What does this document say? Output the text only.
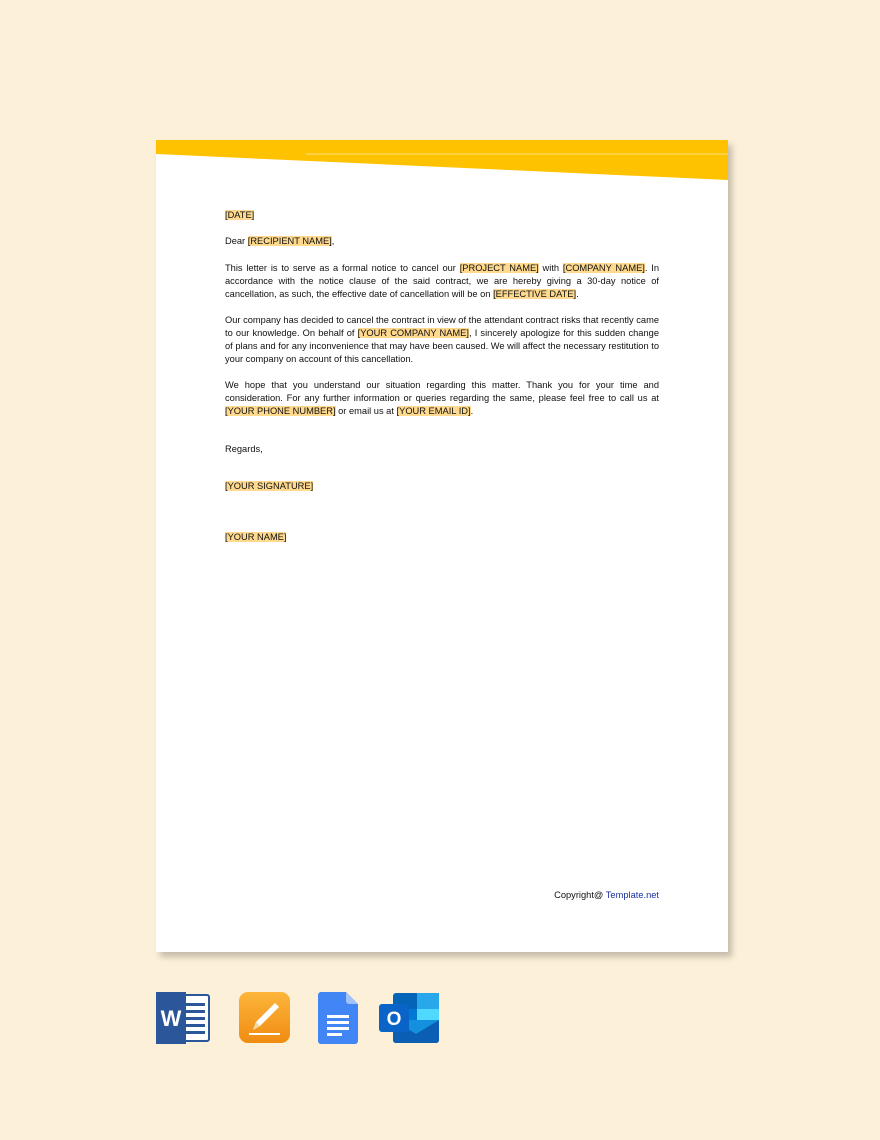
[DATE]

Dear [RECIPIENT NAME],

This letter is to serve as a formal notice to cancel our [PROJECT NAME] with [COMPANY NAME]. In accordance with the notice clause of the said contract, we are hereby giving a 30-day notice of cancellation, as such, the effective date of cancellation will be on [EFFECTIVE DATE].

Our company has decided to cancel the contract in view of the attendant contract risks that recently came to our knowledge. On behalf of [YOUR COMPANY NAME], I sincerely apologize for this sudden change of plans and for any inconvenience that may have been caused. We will affect the necessary restitution to your company on account of this cancellation.

We hope that you understand our situation regarding this matter. Thank you for your time and consideration. For any further information or queries regarding the same, please feel free to call us at [YOUR PHONE NUMBER] or email us at [YOUR EMAIL ID].

Regards,

[YOUR SIGNATURE]

[YOUR NAME]

Copyright@ Template.net
W	O
